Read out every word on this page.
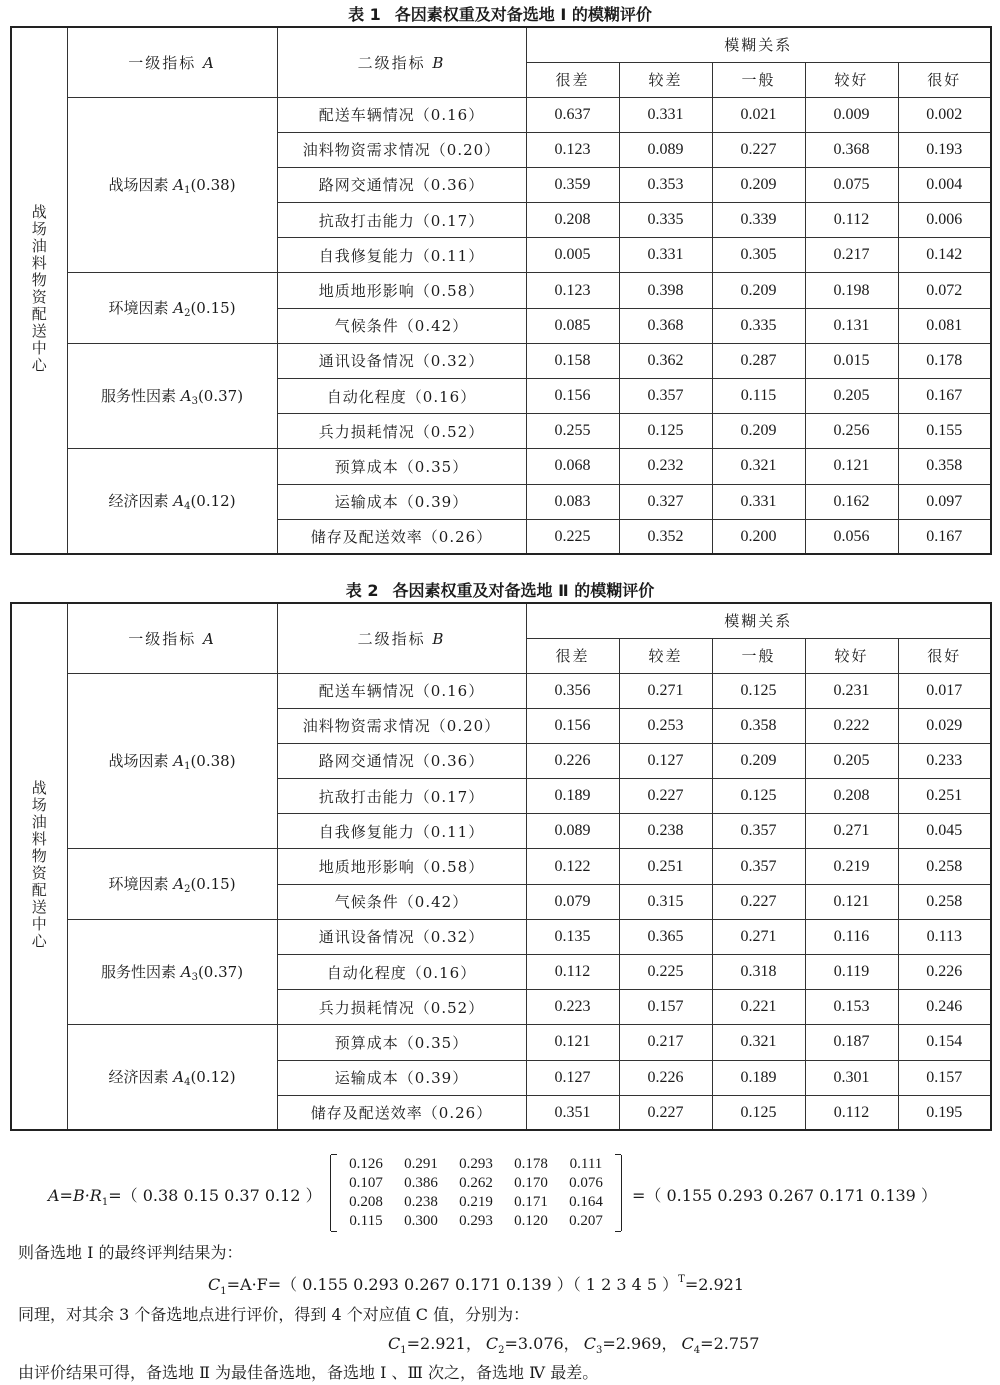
表 1 各因素权重及对备选地 Ⅰ 的模糊评价
战场油料物资配送中心	一级指标 A	二级指标 B	模糊关系				
			很差	较差	一般	较好	很好
	战场因素 $A_1(0.38)$	配送车辆情况（0.16）	0.637	0.331	0.021	0.009	0.002
		油料物资需求情况（0.20）	0.123	0.089	0.227	0.368	0.193
		路网交通情况（0.36）	0.359	0.353	0.209	0.075	0.004
		抗敌打击能力（0.17）	0.208	0.335	0.339	0.112	0.006
		自我修复能力（0.11）	0.005	0.331	0.305	0.217	0.142
	环境因素 $A_2(0.15)$	地质地形影响（0.58）	0.123	0.398	0.209	0.198	0.072
		气候条件（0.42）	0.085	0.368	0.335	0.131	0.081
	服务性因素 $A_3(0.37)$	通讯设备情况（0.32）	0.158	0.362	0.287	0.015	0.178
		自动化程度（0.16）	0.156	0.357	0.115	0.205	0.167
		兵力损耗情况（0.52）	0.255	0.125	0.209	0.256	0.155
	经济因素 $A_4(0.12)$	预算成本（0.35）	0.068	0.232	0.321	0.121	0.358
		运输成本（0.39）	0.083	0.327	0.331	0.162	0.097
		储存及配送效率（0.26）	0.225	0.352	0.200	0.056	0.167
表 2 各因素权重及对备选地 Ⅱ 的模糊评价
战场油料物资配送中心	一级指标 A	二级指标 B	模糊关系				
			很差	较差	一般	较好	很好
	战场因素 $A_1(0.38)$	配送车辆情况（0.16）	0.356	0.271	0.125	0.231	0.017
		油料物资需求情况（0.20）	0.156	0.253	0.358	0.222	0.029
		路网交通情况（0.36）	0.226	0.127	0.209	0.205	0.233
		抗敌打击能力（0.17）	0.189	0.227	0.125	0.208	0.251
		自我修复能力（0.11）	0.089	0.238	0.357	0.271	0.045
	环境因素 $A_2(0.15)$	地质地形影响（0.58）	0.122	0.251	0.357	0.219	0.258
		气候条件（0.42）	0.079	0.315	0.227	0.121	0.258
	服务性因素 $A_3(0.37)$	通讯设备情况（0.32）	0.135	0.365	0.271	0.116	0.113
		自动化程度（0.16）	0.112	0.225	0.318	0.119	0.226
		兵力损耗情况（0.52）	0.223	0.157	0.221	0.153	0.246
	经济因素 $A_4(0.12)$	预算成本（0.35）	0.121	0.217	0.321	0.187	0.154
		运输成本（0.39）	0.127	0.226	0.189	0.301	0.157
		储存及配送效率（0.26）	0.351	0.227	0.125	0.112	0.195
$A=B\cdot R_1=$（ 0.38 0.15 0.37 0.12 ）
0.126 0.291 0.293 0.178 0.111
0.107 0.386 0.262 0.170 0.076
0.208 0.238 0.219 0.171 0.164
0.115 0.300 0.293 0.120 0.207
=（ 0.155 0.293 0.267 0.171 0.139 ）
则备选地 Ⅰ 的最终评判结果为：
$C_1=A\cdot F=$（ 0.155 0.293 0.267 0.171 0.139 ）（ 1 2 3 4 5 ）$^T$=2.921
同理，对其余 3 个备选地点进行评价，得到 4 个对应值 C 值，分别为：
$C_1=2.921$， $C_2=3.076$， $C_3=2.969$， $C_4=2.757$
由评价结果可得，备选地 Ⅱ 为最佳备选地，备选地 Ⅰ 、Ⅲ 次之，备选地 Ⅳ 最差。
